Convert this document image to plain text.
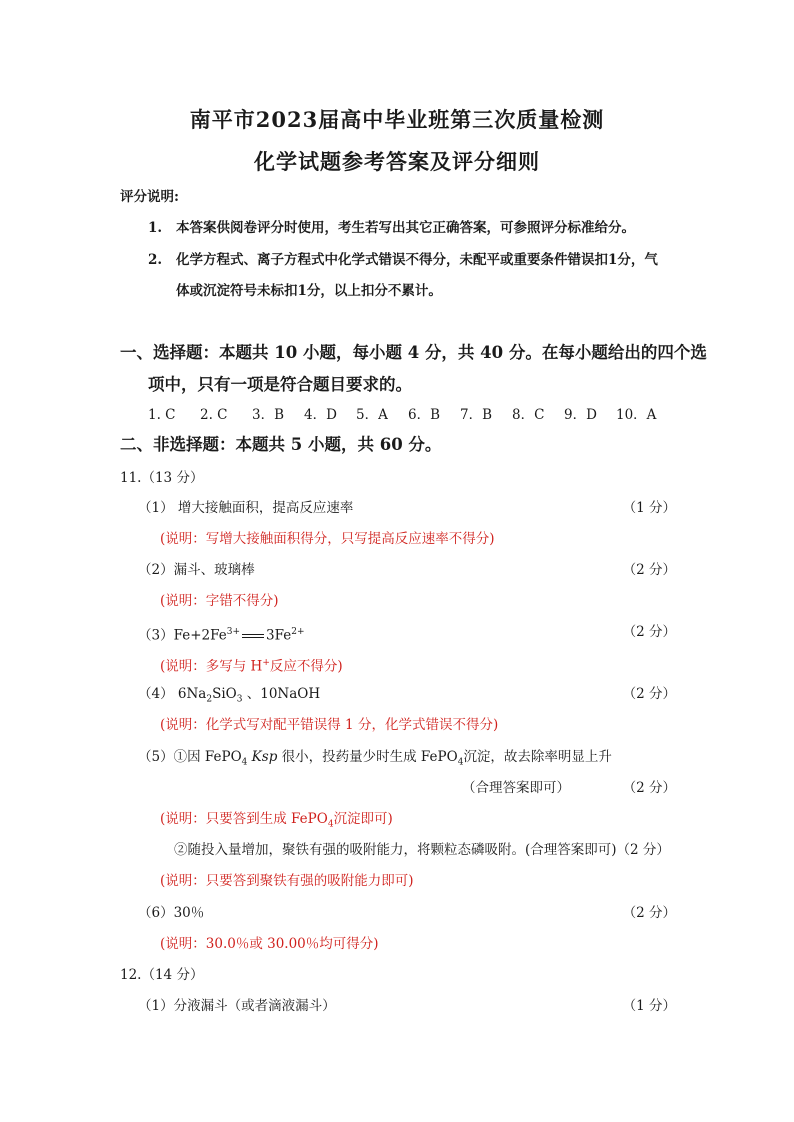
南平市2023届高中毕业班第三次质量检测
化学试题参考答案及评分细则
评分说明:
1. 本答案供阅卷评分时使用，考生若写出其它正确答案，可参照评分标准给分。
2. 化学方程式、离子方程式中化学式错误不得分，未配平或重要条件错误扣1分，气
体或沉淀符号未标扣1分，以上扣分不累计。
一、选择题：本题共 10 小题，每小题 4 分，共 40 分。在每小题给出的四个选
项中，只有一项是符合题目要求的。
1. C 2. C 3．B 4．D 5．A 6．B 7．B 8．C 9．D 10．A
二、非选择题：本题共 5 小题，共 60 分。
11.（13 分）
（1） 增大接触面积，提高反应速率	（1 分）
(说明：写增大接触面积得分，只写提高反应速率不得分)
（2）漏斗、玻璃棒	（2 分）
(说明：字错不得分)
$(3)Fe+2Fe^{3+}$ $3Fe^{2+}$	（2 分）
(说明：多写与 H+反应不得分)
（4） $6Na_2SiO_3$ 、10NaOH	（2 分）
(说明：化学式写对配平错误得 1 分，化学式错误不得分)
（5）①因 FePO$_4$ Ksp 很小，投药量少时生成 FePO$_4$沉淀，故去除率明显上升
（合理答案即可）	（2 分）
(说明：只要答到生成 FePO$_4$沉淀即可)
②随投入量增加，聚铁有强的吸附能力，将颗粒态磷吸附。(合理答案即可)（2 分）
(说明：只要答到聚铁有强的吸附能力即可)
（6）30％	（2 分）
(说明：30.0％或 30.00％均可得分)
12.（14 分）
（1）分液漏斗（或者滴液漏斗）	（1 分）
